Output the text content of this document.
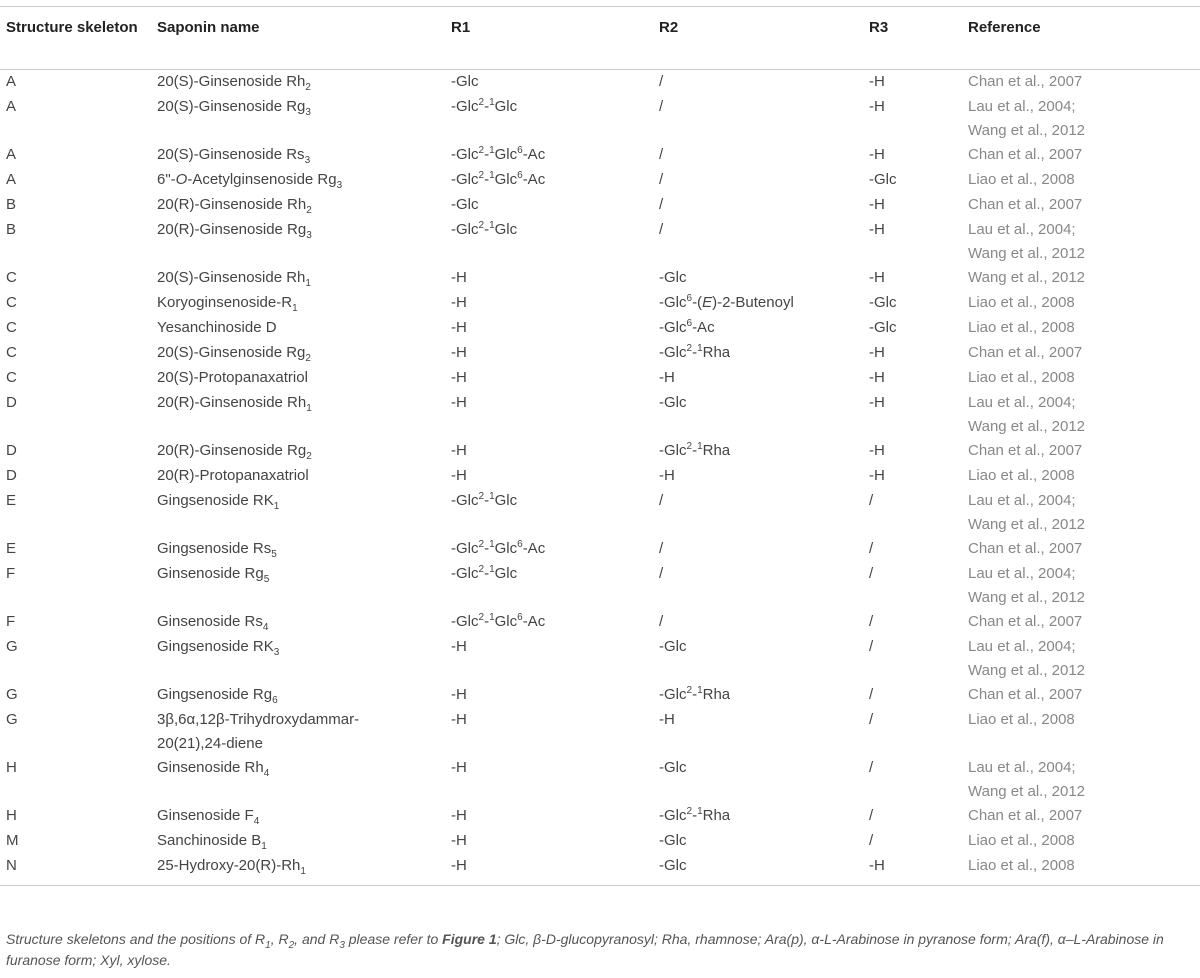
Structure skeleton	Saponin name	R1	R2	R3	Reference
A	20(S)-Ginsenoside $Rh_2$	-Glc	/	-H	Chan et al., 2007
A	20(S)-Ginsenoside $Rg_3$	-Glc$^2$-$^1$Glc	/	-H	Lau et al., 2004;
Wang et al., 2012
A	20(S)-Ginsenoside $Rs_3$	-Glc$^2$-$^1$Glc$^6$-Ac	/	-H	Chan et al., 2007
A	6"-O-Acetylginsenoside $Rg_3$	-Glc$^2$-$^1$Glc$^6$-Ac	/	-Glc	Liao et al., 2008
B	20(R)-Ginsenoside $Rh_2$	-Glc	/	-H	Chan et al., 2007
B	20(R)-Ginsenoside $Rg_3$	-Glc$^2$-$^1$Glc	/	-H	Lau et al., 2004;
Wang et al., 2012
C	20(S)-Ginsenoside $Rh_1$	-H	-Glc	-H	Wang et al., 2012
C	Koryoginsenoside-$R_1$	-H	-Glc$^6$-(E)-2-Butenoyl	-Glc	Liao et al., 2008
C	Yesanchinoside D	-H	-Glc$^6$-Ac	-Glc	Liao et al., 2008
C	20(S)-Ginsenoside $Rg_2$	-H	-Glc$^2$-$^1$Rha	-H	Chan et al., 2007
C	20(S)-Protopanaxatriol	-H	-H	-H	Liao et al., 2008
D	20(R)-Ginsenoside $Rh_1$	-H	-Glc	-H	Lau et al., 2004;
Wang et al., 2012
D	20(R)-Ginsenoside $Rg_2$	-H	-Glc$^2$-$^1$Rha	-H	Chan et al., 2007
D	20(R)-Protopanaxatriol	-H	-H	-H	Liao et al., 2008
E	Gingsenoside $RK_1$	-Glc$^2$-$^1$Glc	/	/	Lau et al., 2004;
Wang et al., 2012
E	Gingsenoside $Rs_5$	-Glc$^2$-$^1$Glc$^6$-Ac	/	/	Chan et al., 2007
F	Ginsenoside $Rg_5$	-Glc$^2$-$^1$Glc	/	/	Lau et al., 2004;
Wang et al., 2012
F	Ginsenoside $Rs_4$	-Glc$^2$-$^1$Glc$^6$-Ac	/	/	Chan et al., 2007
G	Gingsenoside $RK_3$	-H	-Glc	/	Lau et al., 2004;
Wang et al., 2012
G	Gingsenoside $Rg_6$	-H	-Glc$^2$-$^1$Rha	/	Chan et al., 2007
G	3β,6α,12β-Trihydroxydammar-
20(21),24-diene	-H	-H	/	Liao et al., 2008
H	Ginsenoside $Rh_4$	-H	-Glc	/	Lau et al., 2004;
Wang et al., 2012
H	Ginsenoside $F_4$	-H	-Glc$^2$-$^1$Rha	/	Chan et al., 2007
M	Sanchinoside $B_1$	-H	-Glc	/	Liao et al., 2008
N	$25-Hydroxy-20(R)-Rh_1$	-H	-Glc	-H	Liao et al., 2008
Structure skeletons and the positions of $R_1$, $R_2$, and $R_3$ please refer to Figure 1; Glc, β-D-glucopyranosyl; Rha, rhamnose; Ara(p), α-L-Arabinose in pyranose form; Ara(f), α–L-Arabinose in furanose form; Xyl, xylose.
